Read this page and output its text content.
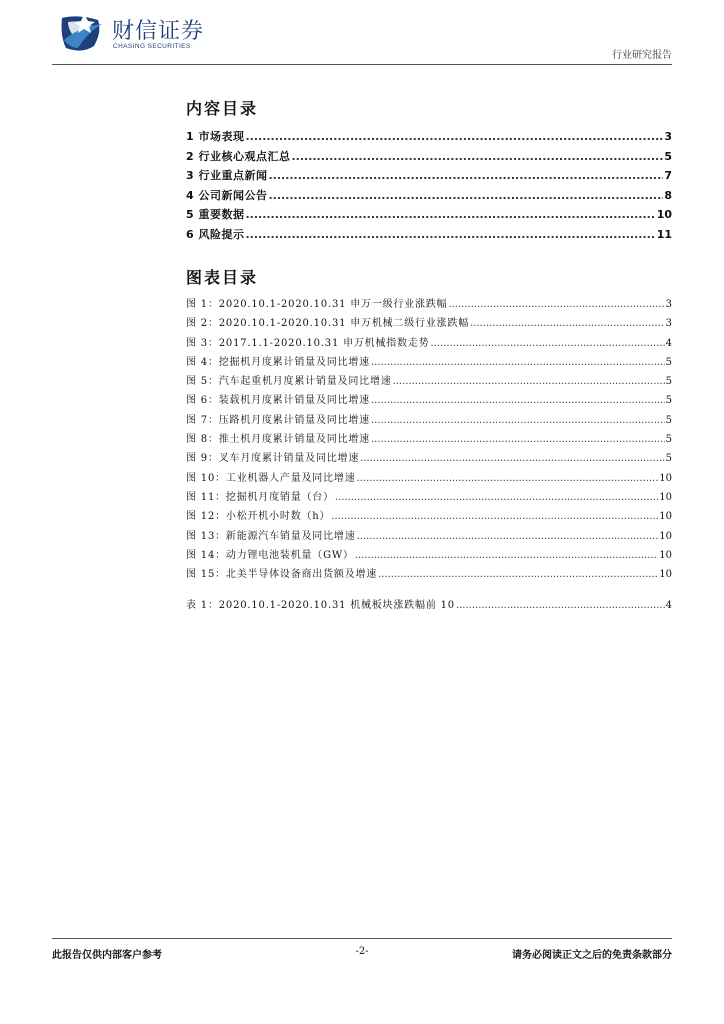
财信证券
CHASING SECURITIES
行业研究报告
内容目录
1 市场表现 .....	3
2 行业核心观点汇总 .....	5
3 行业重点新闻 .....	7
4 公司新闻公告 .....	8
5 重要数据 .....	10
6 风险提示 .....	11
图表目录
图 1：2020.10.1-2020.10.31 申万一级行业涨跌幅 .....	3
图 2：2020.10.1-2020.10.31 申万机械二级行业涨跌幅 .....	3
图 3：2017.1.1-2020.10.31 申万机械指数走势 .....	4
图 4：挖掘机月度累计销量及同比增速 .....	5
图 5：汽车起重机月度累计销量及同比增速 .....	5
图 6：装载机月度累计销量及同比增速 .....	5
图 7：压路机月度累计销量及同比增速 .....	5
图 8：推土机月度累计销量及同比增速 .....	5
图 9：叉车月度累计销量及同比增速 .....	5
图 10：工业机器人产量及同比增速 .....	10
图 11：挖掘机月度销量（台） .....	10
图 12：小松开机小时数（h） .....	10
图 13：新能源汽车销量及同比增速 .....	10
图 14：动力锂电池装机量（GW） .....	10
图 15：北美半导体设备商出货额及增速 .....	10
表 1：2020.10.1-2020.10.31 机械板块涨跌幅前 10 .....	4
此报告仅供内部客户参考	-2-	请务必阅读正文之后的免责条款部分
